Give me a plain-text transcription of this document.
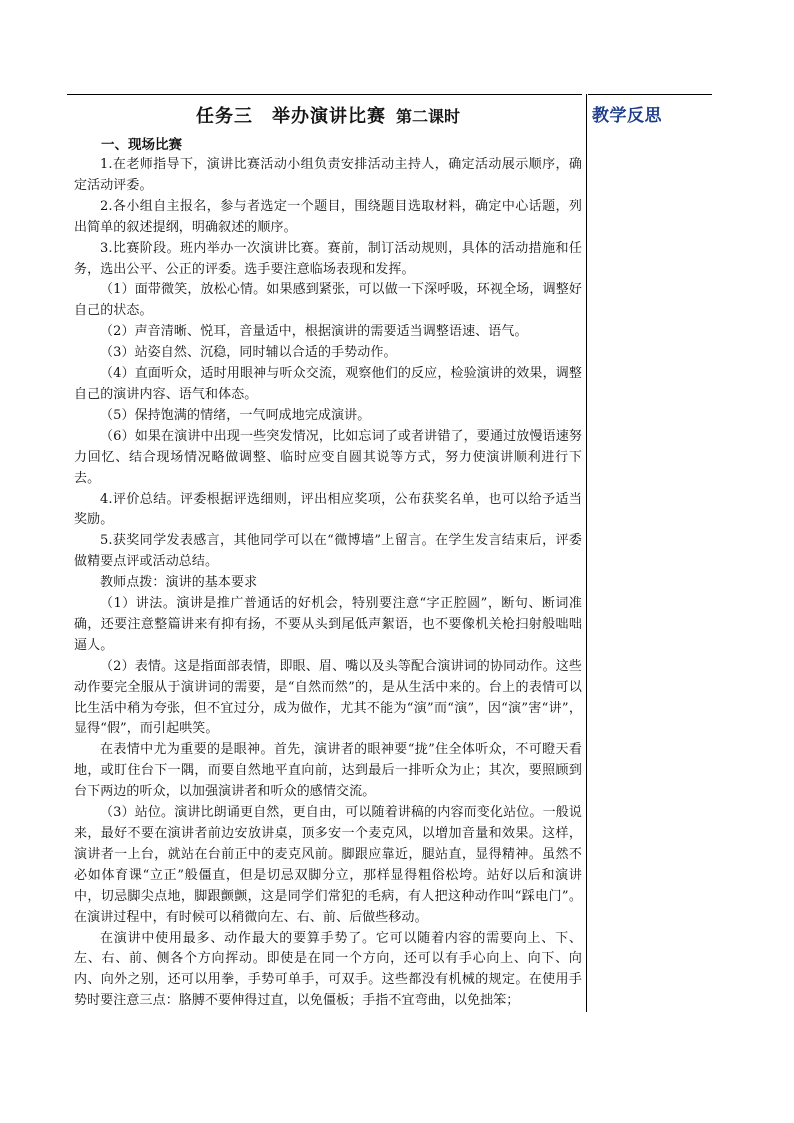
教学反思
任务三　举办演讲比赛 第二课时
一、现场比赛

1.在老师指导下，演讲比赛活动小组负责安排活动主持人，确定活动展示顺序，确定活动评委。

2.各小组自主报名，参与者选定一个题目，围绕题目选取材料，确定中心话题，列出简单的叙述提纲，明确叙述的顺序。

3.比赛阶段。班内举办一次演讲比赛。赛前，制订活动规则，具体的活动措施和任务，选出公平、公正的评委。选手要注意临场表现和发挥。

（1）面带微笑，放松心情。如果感到紧张，可以做一下深呼吸，环视全场，调整好自己的状态。

（2）声音清晰、悦耳，音量适中，根据演讲的需要适当调整语速、语气。

（3）站姿自然、沉稳，同时辅以合适的手势动作。

（4）直面听众，适时用眼神与听众交流，观察他们的反应，检验演讲的效果，调整自己的演讲内容、语气和体态。

（5）保持饱满的情绪，一气呵成地完成演讲。

（6）如果在演讲中出现一些突发情况，比如忘词了或者讲错了，要通过放慢语速努力回忆、结合现场情况略做调整、临时应变自圆其说等方式，努力使演讲顺利进行下去。

4.评价总结。评委根据评选细则，评出相应奖项，公布获奖名单，也可以给予适当奖励。

5.获奖同学发表感言，其他同学可以在“微博墙”上留言。在学生发言结束后，评委做精要点评或活动总结。

教师点拨：演讲的基本要求

（1）讲法。演讲是推广普通话的好机会，特别要注意“字正腔圆”，断句、断词准确，还要注意整篇讲来有抑有扬，不要从头到尾低声絮语，也不要像机关枪扫射般咄咄逼人。

（2）表情。这是指面部表情，即眼、眉、嘴以及头等配合演讲词的协同动作。这些动作要完全服从于演讲词的需要，是“自然而然”的，是从生活中来的。台上的表情可以比生活中稍为夸张，但不宜过分，成为做作，尤其不能为“演”而“演”，因“演”害“讲”，显得“假”，而引起哄笑。

在表情中尤为重要的是眼神。首先，演讲者的眼神要“拢”住全体听众，不可瞪天看地，或盯住台下一隅，而要自然地平直向前，达到最后一排听众为止；其次，要照顾到台下两边的听众，以加强演讲者和听众的感情交流。

（3）站位。演讲比朗诵更自然，更自由，可以随着讲稿的内容而变化站位。一般说来，最好不要在演讲者前边安放讲桌，顶多安一个麦克风，以增加音量和效果。这样，演讲者一上台，就站在台前正中的麦克风前。脚跟应靠近，腿站直，显得精神。虽然不必如体育课“立正”般僵直，但是切忌双脚分立，那样显得粗俗松垮。站好以后和演讲中，切忌脚尖点地，脚跟颤颤，这是同学们常犯的毛病，有人把这种动作叫“踩电门”。在演讲过程中，有时候可以稍微向左、右、前、后做些移动。

在演讲中使用最多、动作最大的要算手势了。它可以随着内容的需要向上、下、左、右、前、侧各个方向挥动。即使是在同一个方向，还可以有手心向上、向下、向内、向外之别，还可以用拳，手势可单手，可双手。这些都没有机械的规定。在使用手势时要注意三点：胳膊不要伸得过直，以免僵板；手指不宜弯曲，以免拙笨；
